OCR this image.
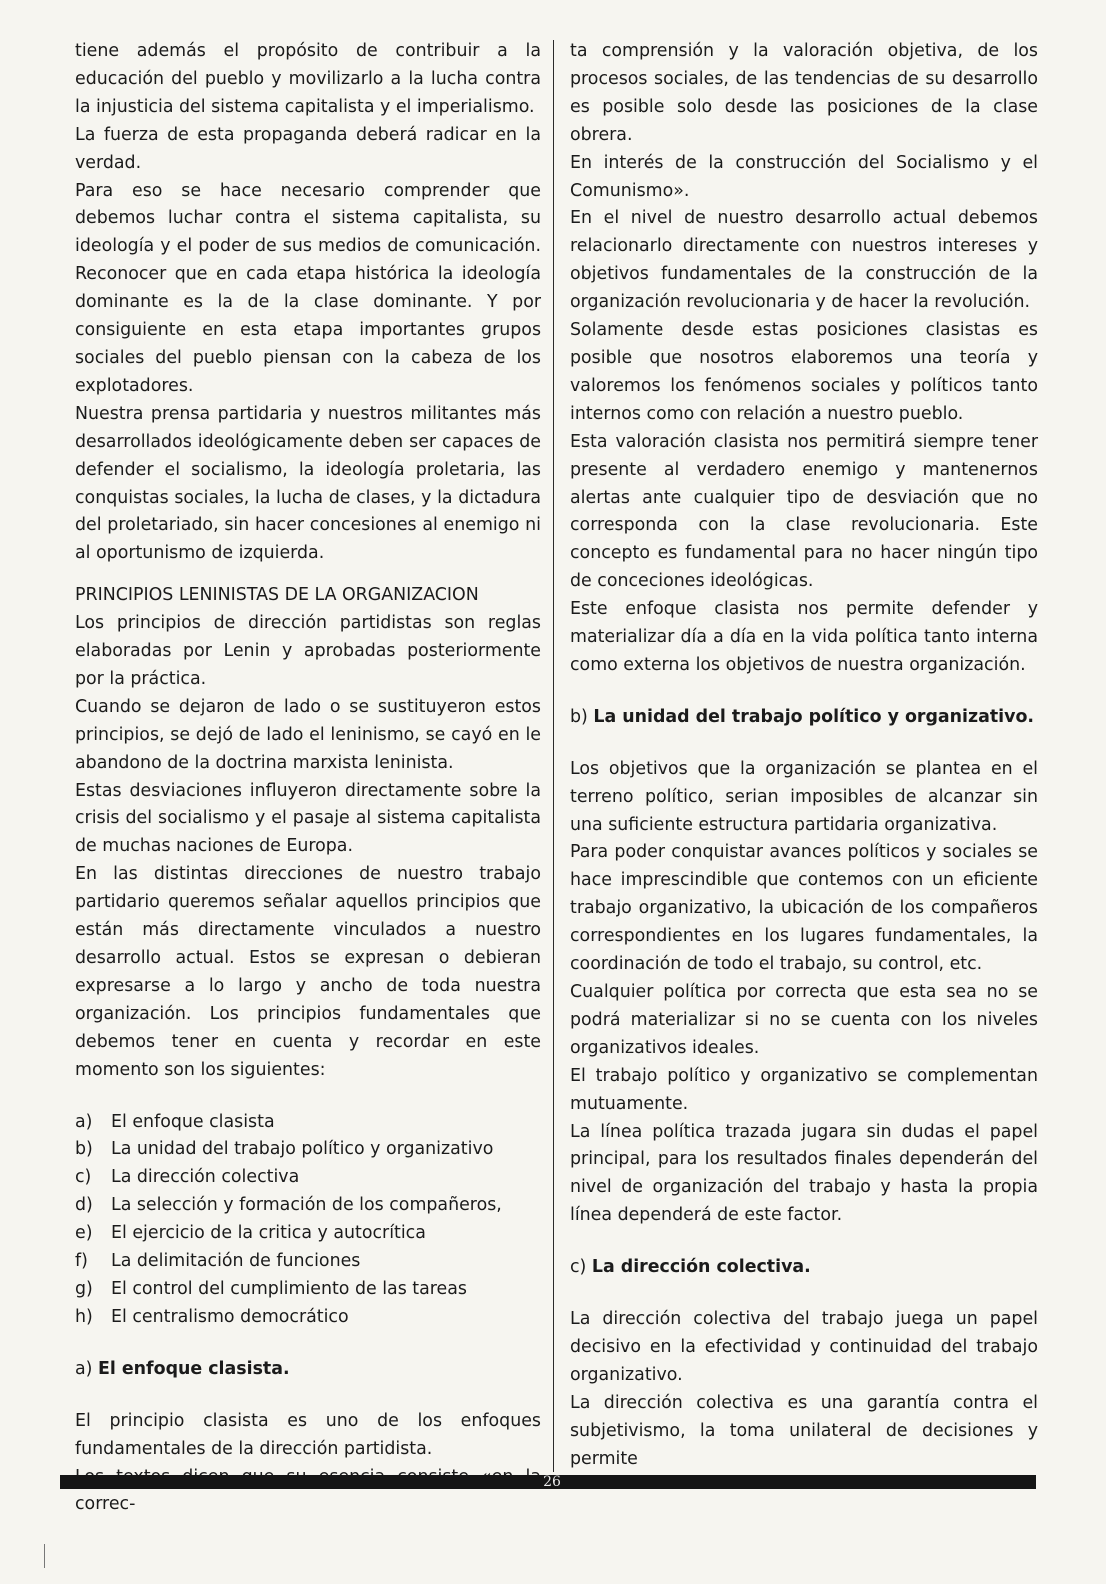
tiene además el propósito de contribuir a la educación del pueblo y movilizarlo a la lucha contra la injusticia del sistema capitalista y el imperialismo.

La fuerza de esta propaganda deberá radicar en la verdad.

Para eso se hace necesario comprender que debemos luchar contra el sistema capitalista, su ideología y el poder de sus medios de comunicación. Reconocer que en cada etapa histórica la ideología dominante es la de la clase dominante. Y por consiguiente en esta etapa importantes grupos sociales del pueblo piensan con la cabeza de los explotadores.

Nuestra prensa partidaria y nuestros militantes más desarrollados ideológicamente deben ser capaces de defender el socialismo, la ideología proletaria, las conquistas sociales, la lucha de clases, y la dictadura del proletariado, sin hacer concesiones al enemigo ni al oportunismo de izquierda.

PRINCIPIOS LENINISTAS DE LA ORGANIZACION

Los principios de dirección partidistas son reglas elaboradas por Lenin y aprobadas posteriormente por la práctica.

Cuando se dejaron de lado o se sustituyeron estos principios, se dejó de lado el leninismo, se cayó en le abandono de la doctrina marxista leninista.

Estas desviaciones influyeron directamente sobre la crisis del socialismo y el pasaje al sistema capitalista de muchas naciones de Europa.

En las distintas direcciones de nuestro trabajo partidario queremos señalar aquellos principios que están más directamente vinculados a nuestro desarrollo actual. Estos se expresan o debieran expresarse a lo largo y ancho de toda nuestra organización. Los principios fundamentales que debemos tener en cuenta y recordar en este momento son los siguientes:

a)	El enfoque clasista
b)	La unidad del trabajo político y organizativo
c)	La dirección colectiva
d)	La selección y formación de los compañeros,
e)	El ejercicio de la critica y autocrítica
f)	La delimitación de funciones
g)	El control del cumplimiento de las tareas
h)	El centralismo democrático

a) El enfoque clasista.

El principio clasista es uno de los enfoques fundamentales de la dirección partidista.

correc-

ta comprensión y la valoración objetiva, de los procesos sociales, de las tendencias de su desarrollo es posible solo desde las posiciones de la clase obrera.

En interés de la construcción del Socialismo y el Comunismo».

En el nivel de nuestro desarrollo actual debemos relacionarlo directamente con nuestros intereses y objetivos fundamentales de la construcción de la organización revolucionaria y de hacer la revolución.

Solamente desde estas posiciones clasistas es posible que nosotros elaboremos una teoría y valoremos los fenómenos sociales y políticos tanto internos como con relación a nuestro pueblo.

Esta valoración clasista nos permitirá siempre tener presente al verdadero enemigo y mantenernos alertas ante cualquier tipo de desviación que no corresponda con la clase revolucionaria. Este concepto es fundamental para no hacer ningún tipo de conceciones ideológicas.

Este enfoque clasista nos permite defender y materializar día a día en la vida política tanto interna como externa los objetivos de nuestra organización.

b) La unidad del trabajo político y organizativo.

Los objetivos que la organización se plantea en el terreno político, serian imposibles de alcanzar sin una suficiente estructura partidaria organizativa.

Para poder conquistar avances políticos y sociales se hace imprescindible que contemos con un eficiente trabajo organizativo, la ubicación de los compañeros correspondientes en los lugares fundamentales, la coordinación de todo el trabajo, su control, etc.

Cualquier política por correcta que esta sea no se podrá materializar si no se cuenta con los niveles organizativos ideales.

El trabajo político y organizativo se complementan mutuamente.

La línea política trazada jugara sin dudas el papel principal, para los resultados finales dependerán del nivel de organización del trabajo y hasta la propia línea dependerá de este factor.

c) La dirección colectiva.

La dirección colectiva del trabajo juega un papel decisivo en la efectividad y continuidad del trabajo organizativo.

La dirección colectiva es una garantía contra el subjetivismo, la toma unilateral de decisiones y permite

26
